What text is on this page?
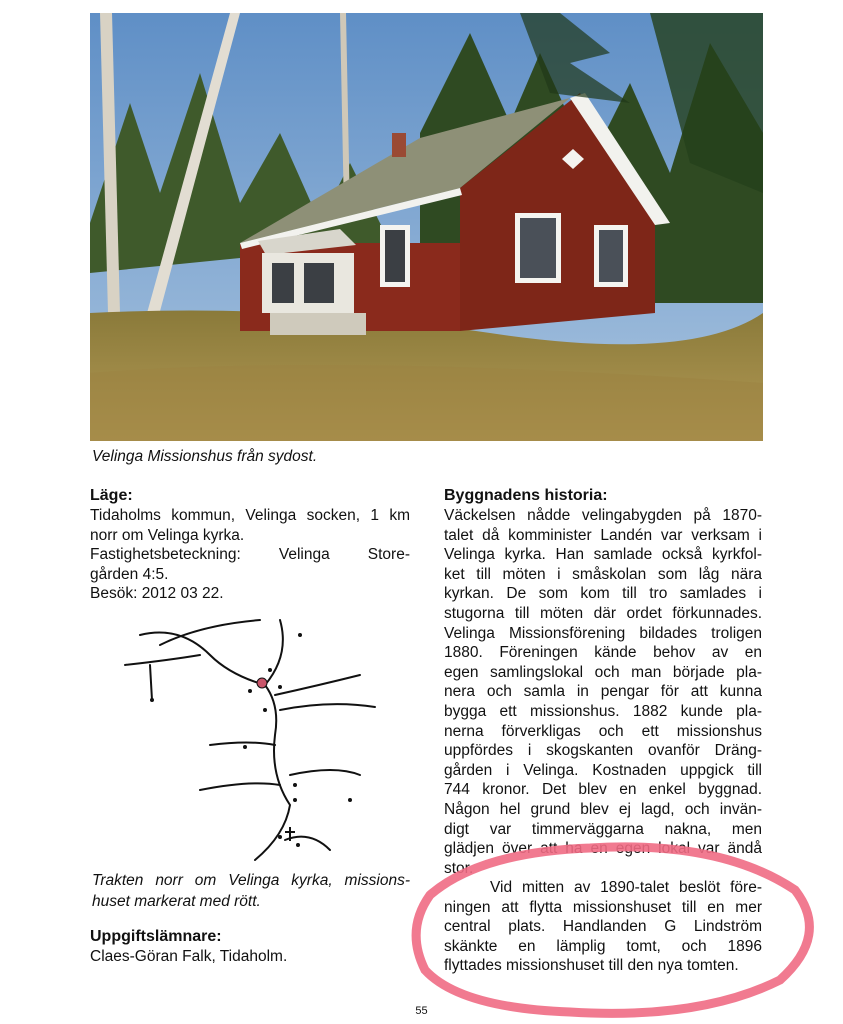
Velinga Missionshus från sydost.
Läge:
Tidaholms kommun, Velinga socken, 1 km
norr om Velinga kyrka.
Fastighetsbeteckning: Velinga Store-
gården 4:5.
Besök: 2012 03 22.
Trakten norr om Velinga kyrka, missions-
huset markerat med rött.
Uppgiftslämnare:
Claes-Göran Falk, Tidaholm.
Byggnadens historia:
Väckelsen nådde velingabygden på 1870-
talet då komminister Landén var verksam i
Velinga kyrka. Han samlade också kyrkfol-
ket till möten i småskolan som låg nära
kyrkan. De som kom till tro samlades i
stugorna till möten där ordet förkunnades.
Velinga Missionsförening bildades troligen
1880. Föreningen kände behov av en
egen samlingslokal och man började pla-
nera och samla in pengar för att kunna
bygga ett missionshus. 1882 kunde pla-
nerna förverkligas och ett missionshus
uppfördes i skogskanten ovanför Dräng-
gården i Velinga. Kostnaden uppgick till
744 kronor. Det blev en enkel byggnad.
Någon hel grund blev ej lagd, och invän-
digt var timmerväggarna nakna, men
glädjen över att ha en egen lokal var ändå
stor.
Vid mitten av 1890-talet beslöt före-
ningen att flytta missionshuset till en mer
central plats. Handlanden G Lindström
skänkte en lämplig tomt, och 1896
flyttades missionshuset till den nya tomten.
55
